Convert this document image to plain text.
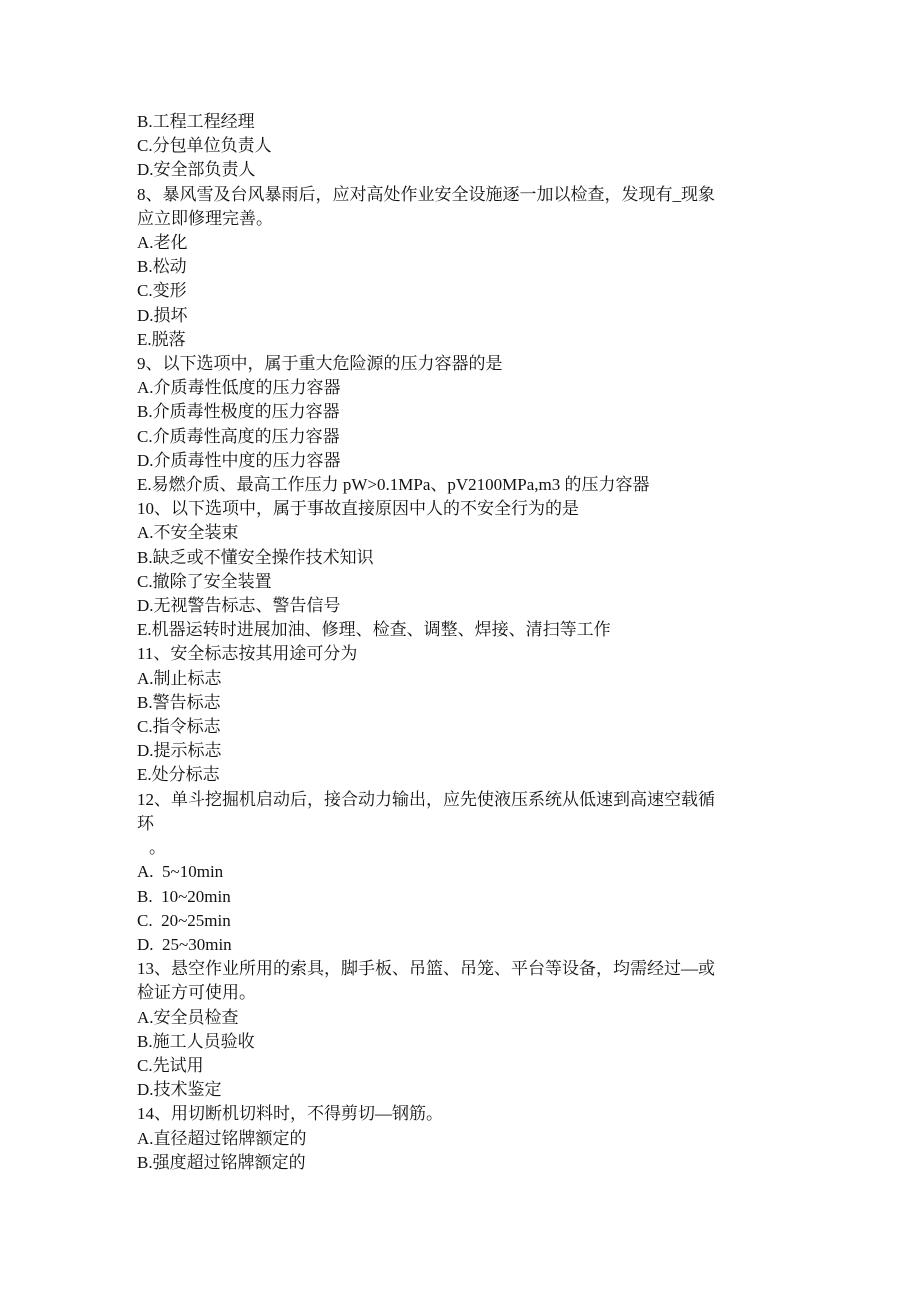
B.工程工程经理
C.分包单位负责人
D.安全部负责人
8、暴风雪及台风暴雨后，应对高处作业安全设施逐一加以检查，发现有_现象
应立即修理完善。
A.老化
B.松动
C.变形
D.损坏
E.脱落
9、以下选项中，属于重大危险源的压力容器的是
A.介质毒性低度的压力容器
B.介质毒性极度的压力容器
C.介质毒性高度的压力容器
D.介质毒性中度的压力容器
E.易燃介质、最高工作压力 pW>0.1MPa、pV2100MPa,m3 的压力容器
10、以下选项中，属于事故直接原因中人的不安全行为的是
A.不安全装束
B.缺乏或不懂安全操作技术知识
C.撤除了安全装置
D.无视警告标志、警告信号
E.机器运转时进展加油、修理、检查、调整、焊接、清扫等工作
11、安全标志按其用途可分为
A.制止标志
B.警告标志
C.指令标志
D.提示标志
E.处分标志
12、单斗挖掘机启动后，接合动力输出，应先使液压系统从低速到高速空载循
环
。
A.  5~10min
B.  10~20min
C.  20~25min
D.  25~30min
13、悬空作业所用的索具，脚手板、吊篮、吊笼、平台等设备，均需经过—或
检证方可使用。
A.安全员检查
B.施工人员验收
C.先试用
D.技术鉴定
14、用切断机切料时，不得剪切—钢筋。
A.直径超过铭牌额定的
B.强度超过铭牌额定的
